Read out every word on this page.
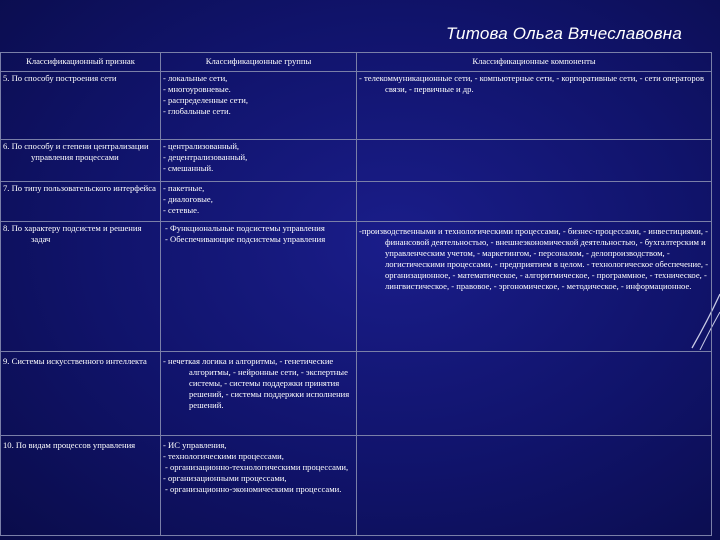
Титова Ольга Вячеславовна
Классификационный признак	Классификационные группы	Классификационные компоненты
5. По способу построения сети	- локальные сети,
- многоуровневые.
- распределенные сети,
- глобальные сети.	- телекоммуникационные сети, - компьютерные сети, - корпоративные сети, - сети операторов связи, - первичные и др.
6. По способу и степени централизации управления процессами	- централизованный,
- децентрализованный,
- смешанный.	

7. По типу пользовательского интерфейса	- пакетные,
- диалоговые,
- сетевые.	

8. По характеру подсистем и решения задач	- Функциональные подсистемы управления
- Обеспечивающие подсистемы управления	-производственными и технологическими процессами, - бизнес-процессами, - инвестициями, - финансовой деятельностью, - внешнеэкономической деятельностью, - бухгалтерским и управленческим учетом, - маркетингом, - персоналом, - делопроизводством, - логистическими процессами, - предприятием в целом. - технологическое обеспечение, - организационное, - математическое, - алгоритмическое, - программное, - техническое, - лингвистическое, - правовое, - эргономическое, - методическое, - информационное.
9. Системы искусственного интеллекта	- нечеткая логика и алгоритмы, - генетические алгоритмы, - нейронные сети, - экспертные системы, - системы поддержки принятия решений, - системы поддержки исполнения решений.	
10. По видам процессов управления	- ИС управления,
- технологическими процессами,
- организационно-технологическими процессами,
- организационными процессами,
- организационно-экономическими процессами.	
